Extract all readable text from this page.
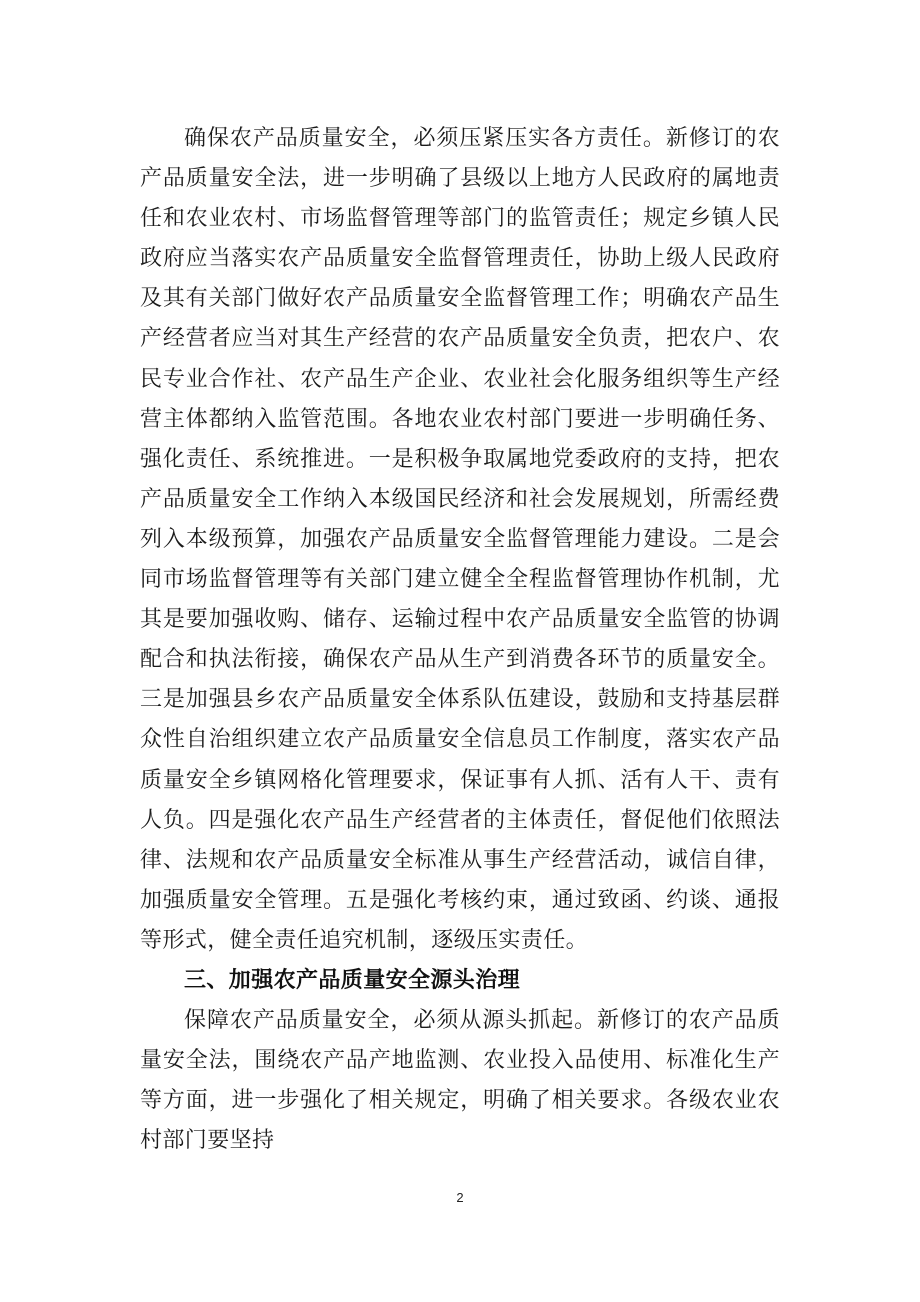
确保农产品质量安全，必须压紧压实各方责任。新修订的农产品质量安全法，进一步明确了县级以上地方人民政府的属地责任和农业农村、市场监督管理等部门的监管责任；规定乡镇人民政府应当落实农产品质量安全监督管理责任，协助上级人民政府及其有关部门做好农产品质量安全监督管理工作；明确农产品生产经营者应当对其生产经营的农产品质量安全负责，把农户、农民专业合作社、农产品生产企业、农业社会化服务组织等生产经营主体都纳入监管范围。各地农业农村部门要进一步明确任务、强化责任、系统推进。一是积极争取属地党委政府的支持，把农产品质量安全工作纳入本级国民经济和社会发展规划，所需经费列入本级预算，加强农产品质量安全监督管理能力建设。二是会同市场监督管理等有关部门建立健全全程监督管理协作机制，尤其是要加强收购、储存、运输过程中农产品质量安全监管的协调配合和执法衔接，确保农产品从生产到消费各环节的质量安全。三是加强县乡农产品质量安全体系队伍建设，鼓励和支持基层群众性自治组织建立农产品质量安全信息员工作制度，落实农产品质量安全乡镇网格化管理要求，保证事有人抓、活有人干、责有人负。四是强化农产品生产经营者的主体责任，督促他们依照法律、法规和农产品质量安全标准从事生产经营活动，诚信自律，加强质量安全管理。五是强化考核约束，通过致函、约谈、通报等形式，健全责任追究机制，逐级压实责任。

三、加强农产品质量安全源头治理

保障农产品质量安全，必须从源头抓起。新修订的农产品质量安全法，围绕农产品产地监测、农业投入品使用、标准化生产等方面，进一步强化了相关规定，明确了相关要求。各级农业农村部门要坚持

2
